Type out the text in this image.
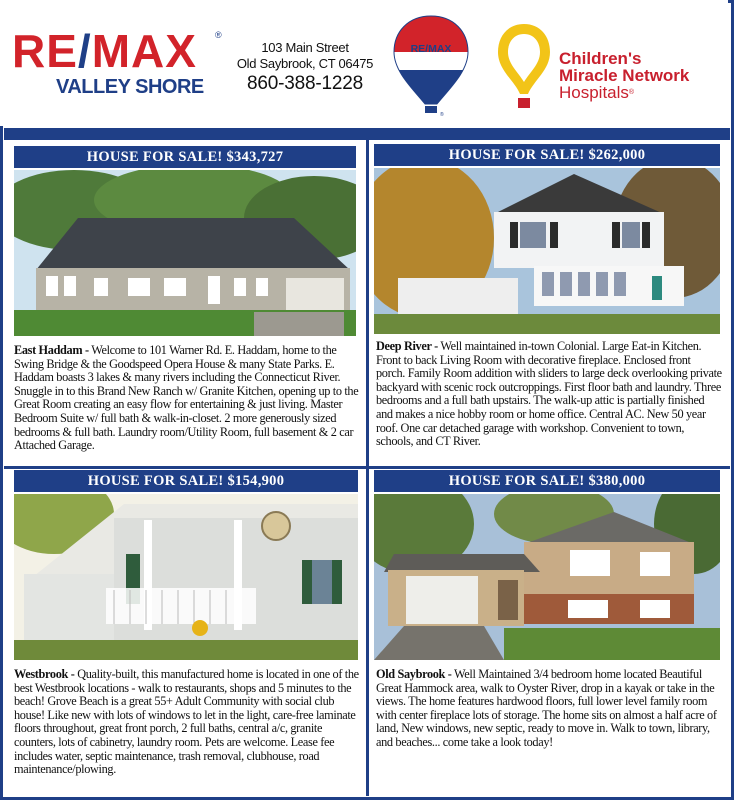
RE/MAX ®
VALLEY SHORE
103 Main Street
Old Saybrook, CT 06475
860-388-1228
RE/MAX
®
Children's
Miracle Network
Hospitals®
HOUSE FOR SALE! $343,727
East Haddam - Welcome to 101 Warner Rd. E. Haddam, home to the Swing Bridge & the Goodspeed Opera House & many State Parks. E. Haddam boasts 3 lakes & many rivers including the Connecticut River. Snuggle in to this Brand New Ranch w/ Granite Kitchen, opening up to the Great Room creating an easy flow for entertaining & just living. Master Bedroom Suite w/ full bath & walk-in-closet. 2 more generously sized bedrooms & full bath. Laundry room/Utility Room, full basement & 2 car Attached Garage.
HOUSE FOR SALE! $262,000
Deep River - Well maintained in-town Colonial. Large Eat-in Kitchen. Front to back Living Room with decorative fireplace. Enclosed front porch. Family Room addition with sliders to large deck overlooking private backyard with scenic rock outcroppings. First floor bath and laundry. Three bedrooms and a full bath upstairs. The walk-up attic is partially finished and makes a nice hobby room or home office. Central AC. New 50 year roof. One car detached garage with workshop. Convenient to town, schools, and CT River.
HOUSE FOR SALE! $154,900
Westbrook - Quality-built, this manufactured home is located in one of the best Westbrook locations - walk to restaurants, shops and 5 minutes to the beach! Grove Beach is a great 55+ Adult Community with social club house! Like new with lots of windows to let in the light, care-free laminate floors throughout, great front porch, 2 full baths, central a/c, granite counters, lots of cabinetry, laundry room. Pets are welcome. Lease fee includes water, septic maintenance, trash removal, clubhouse, road maintenance/plowing.
HOUSE FOR SALE! $380,000
Old Saybrook - Well Maintained 3/4 bedroom home located Beautiful Great Hammock area, walk to Oyster River, drop in a kayak or take in the views. The home features hardwood floors, full lower level family room with center fireplace lots of storage. The home sits on almost a half acre of land, New windows, new septic, ready to move in. Walk to town, library, and beaches... come take a look today!
